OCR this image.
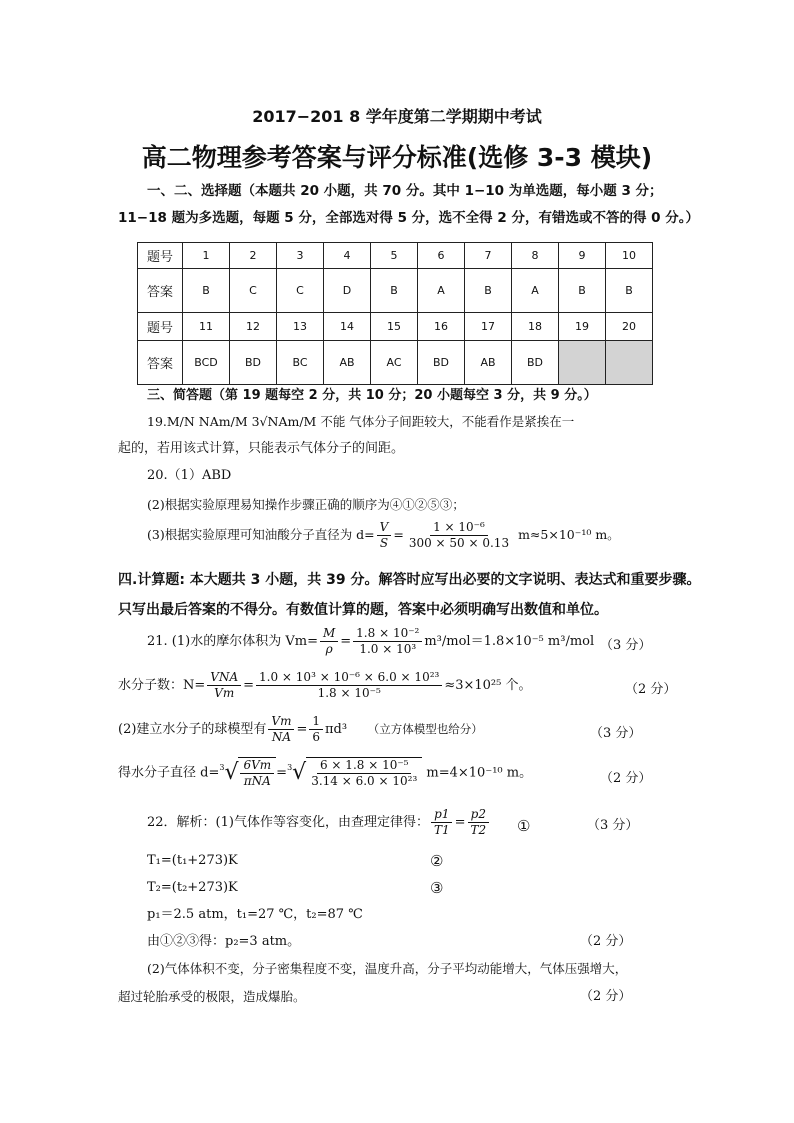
2017−201 8 学年度第二学期期中考试
高二物理参考答案与评分标准(选修 3-3 模块)
一、二、选择题（本题共 20 小题，共 70 分。其中 1−10 为单选题，每小题 3 分；
11−18 题为多选题，每题 5 分，全部选对得 5 分，选不全得 2 分，有错选或不答的得 0 分。）
题号	1	2	3	4	5	6	7	8	9	10
答案	B	C	C	D	B	A	B	A	B	B
题号	11	12	13	14	15	16	17	18	19	20
答案	BCD	BD	BC	AB	AC	BD	AB	BD		
三、简答题（第 19 题每空 2 分，共 10 分；20 小题每空 3 分，共 9 分。）
19.M/N NAm/M 3√NAm/M 不能 气体分子间距较大，不能看作是紧挨在一
起的，若用该式计算，只能表示气体分子的间距。
20.（1）ABD
(2)根据实验原理易知操作步骤正确的顺序为④①②⑤③；
(3)根据实验原理可知油酸分子直径为 $d= \frac{V}{S} = \frac{\text{1 × 10⁻⁶}}{300 \times 50 \times 0.13} m\approx 5\times 10^{-10}$ m。
四.计算题: 本大题共 3 小题，共 39 分。解答时应写出必要的文字说明、表达式和重要步骤。
只写出最后答案的不得分。有数值计算的题，答案中必须明确写出数值和单位。
21. (1)水的摩尔体积为 $Vm= \frac{M}{\rho} = \frac{\text{1.8 × 10⁻²}}{\text{1.0 × 10³}} m^3/mol=1.8\times 10^{-5}$ m³/mol （3 分）
水分子数：N=
VNA
$Vm = \frac{\text{1.0 × 10³ × 10⁻⁶ × 6.0 × 10²³}}{\text{1.8 × 10⁻⁵}} \approx 3\times 10^{25}$ 个。	（2 分）
(2)建立水分子的球模型有 $\frac{Vm}{NA} = \frac{1}{6} \pi d^3$ （立方体模型也给分）	（3 分）
得水分子直径 d= 3 √ 6Vm
πNA
= 3 √ $\frac{\text{6 × 1.8 × 10⁻⁵}}{\text{3.14 × 6.0 × 10²³}} m=4\times 10^{-10}$ m。	（2 分）
22．解析：(1)气体作等容变化，由查理定律得： $\frac{p1}{T1} = \frac{p2}{T2}$ ①	（3 分）
T₁=(t₁+273)K	②
T₂=(t₂+273)K	③
p₁＝2.5 atm，t₁=27 ℃，t₂=87 ℃
由①②③得：p₂=3 atm。	（2 分）
(2)气体体积不变，分子密集程度不变，温度升高，分子平均动能增大，气体压强增大，
超过轮胎承受的极限，造成爆胎。	（2 分）
